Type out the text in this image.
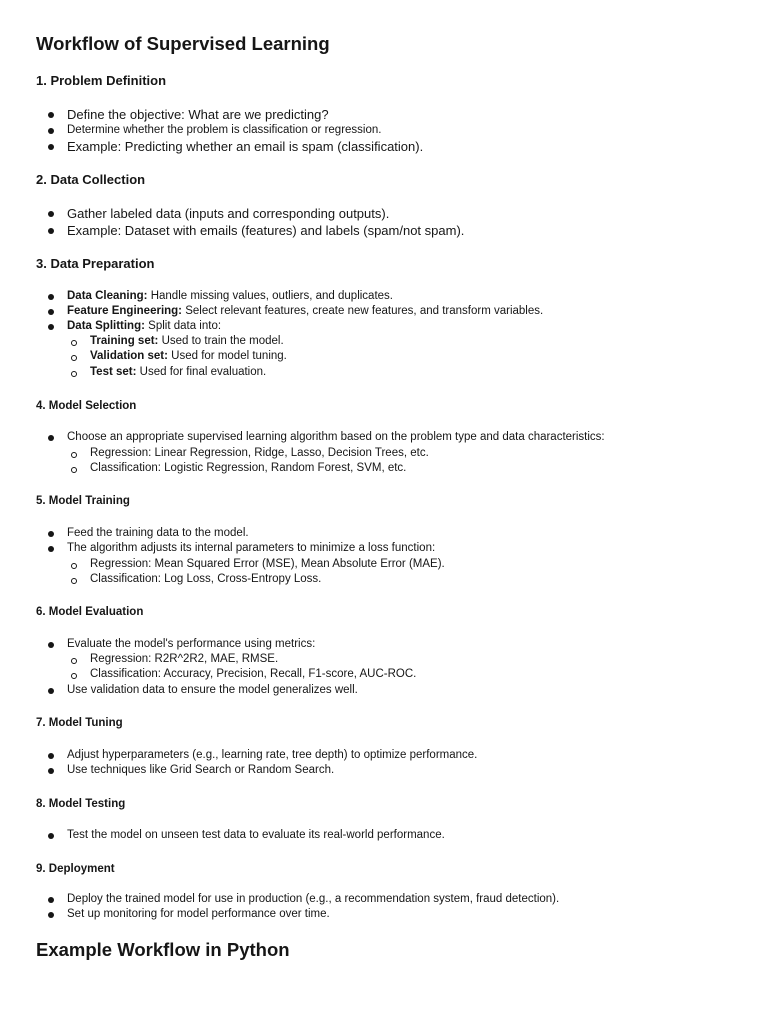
Workflow of Supervised Learning
1. Problem Definition
Define the objective: What are we predicting?
Determine whether the problem is classification or regression.
Example: Predicting whether an email is spam (classification).
2. Data Collection
Gather labeled data (inputs and corresponding outputs).
Example: Dataset with emails (features) and labels (spam/not spam).
3. Data Preparation
Data Cleaning: Handle missing values, outliers, and duplicates.
Feature Engineering: Select relevant features, create new features, and transform variables.
Data Splitting: Split data into:
Training set: Used to train the model.
Validation set: Used for model tuning.
Test set: Used for final evaluation.
4. Model Selection
Choose an appropriate supervised learning algorithm based on the problem type and data characteristics:
Regression: Linear Regression, Ridge, Lasso, Decision Trees, etc.
Classification: Logistic Regression, Random Forest, SVM, etc.
5. Model Training
Feed the training data to the model.
The algorithm adjusts its internal parameters to minimize a loss function:
Regression: Mean Squared Error (MSE), Mean Absolute Error (MAE).
Classification: Log Loss, Cross-Entropy Loss.
6. Model Evaluation
Evaluate the model's performance using metrics:
Regression: R2R^2R2, MAE, RMSE.
Classification: Accuracy, Precision, Recall, F1-score, AUC-ROC.
Use validation data to ensure the model generalizes well.
7. Model Tuning
Adjust hyperparameters (e.g., learning rate, tree depth) to optimize performance.
Use techniques like Grid Search or Random Search.
8. Model Testing
Test the model on unseen test data to evaluate its real-world performance.
9. Deployment
Deploy the trained model for use in production (e.g., a recommendation system, fraud detection).
Set up monitoring for model performance over time.
Example Workflow in Python
